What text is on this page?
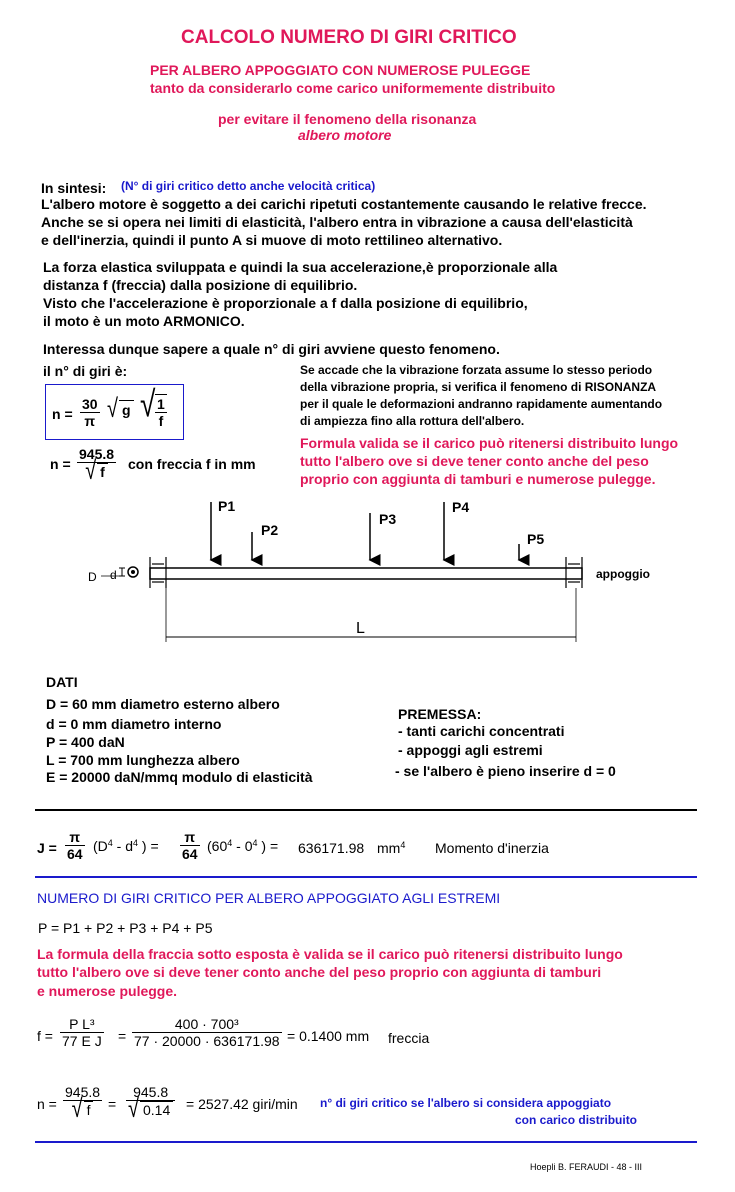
CALCOLO NUMERO DI GIRI CRITICO
PER ALBERO APPOGGIATO CON NUMEROSE PULEGGE
tanto da considerarlo come carico uniformemente distribuito
per evitare il fenomeno della risonanza
albero motore
In sintesi: (N° di giri critico detto anche velocità critica)
L'albero motore è soggetto a dei carichi ripetuti costantemente causando le relative frecce.
Anche se si opera nei limiti di elasticità, l'albero entra in vibrazione a causa dell'elasticità
e dell'inerzia, quindi il punto A si muove di moto rettilineo alternativo.
La forza elastica sviluppata e quindi la sua accelerazione,è proporzionale alla
distanza f (freccia) dalla posizione di equilibrio.
Visto che l'accelerazione è proporzionale a f dalla posizione di equilibrio,
il moto è un moto ARMONICO.
Interessa dunque sapere a quale n° di giri avviene questo fenomeno.
il n° di giri è:
n =
30
π √ g √ 1
f
n =
945.8
√ f	con freccia f in mm
Se accade che la vibrazione forzata assume lo stesso periodo
della vibrazione propria, si verifica il fenomeno di RISONANZA
per il quale le deformazioni andranno rapidamente aumentando
di ampiezza fino alla rottura dell'albero.
Formula valida se il carico può ritenersi distribuito lungo
tutto l'albero ove si deve tener conto anche del peso
proprio con aggiunta di tamburi e numerose pulegge.
P1
P2
P3
P4
P5
D d	appoggio
L
DATI
D = 60 mm diametro esterno albero
d = 0 mm diametro interno
P = 400 daN
L = 700 mm lunghezza albero
E = 20000 daN/mmq modulo di elasticità
PREMESSA:
- tanti carichi concentrati
- appoggi agli estremi
- se l'albero è pieno inserire d = 0
J =
π
64 ($D^4 - d^4$ ) =
π
64 ($60^4 - 0^4$ ) = 636171.98 $mm^4$ Momento d'inerzia
NUMERO DI GIRI CRITICO PER ALBERO APPOGGIATO AGLI ESTREMI
P = P1 + P2 + P3 + P4 + P5
La formula della fraccia sotto esposta è valida se il carico può ritenersi distribuito lungo
tutto l'albero ove si deve tener conto anche del peso proprio con aggiunta di tamburi
e numerose pulegge.
f =
P L³
77 E J =
400 · 700³
77 · 20000 · 636171.98 = 0.1400 mm freccia
n =
945.8
√ f	=
945.8
√ 0.14	= 2527.42 giri/min n° di giri critico se l'albero si considera appoggiato
con carico distribuito
Hoepli B. FERAUDI - 48 - III
